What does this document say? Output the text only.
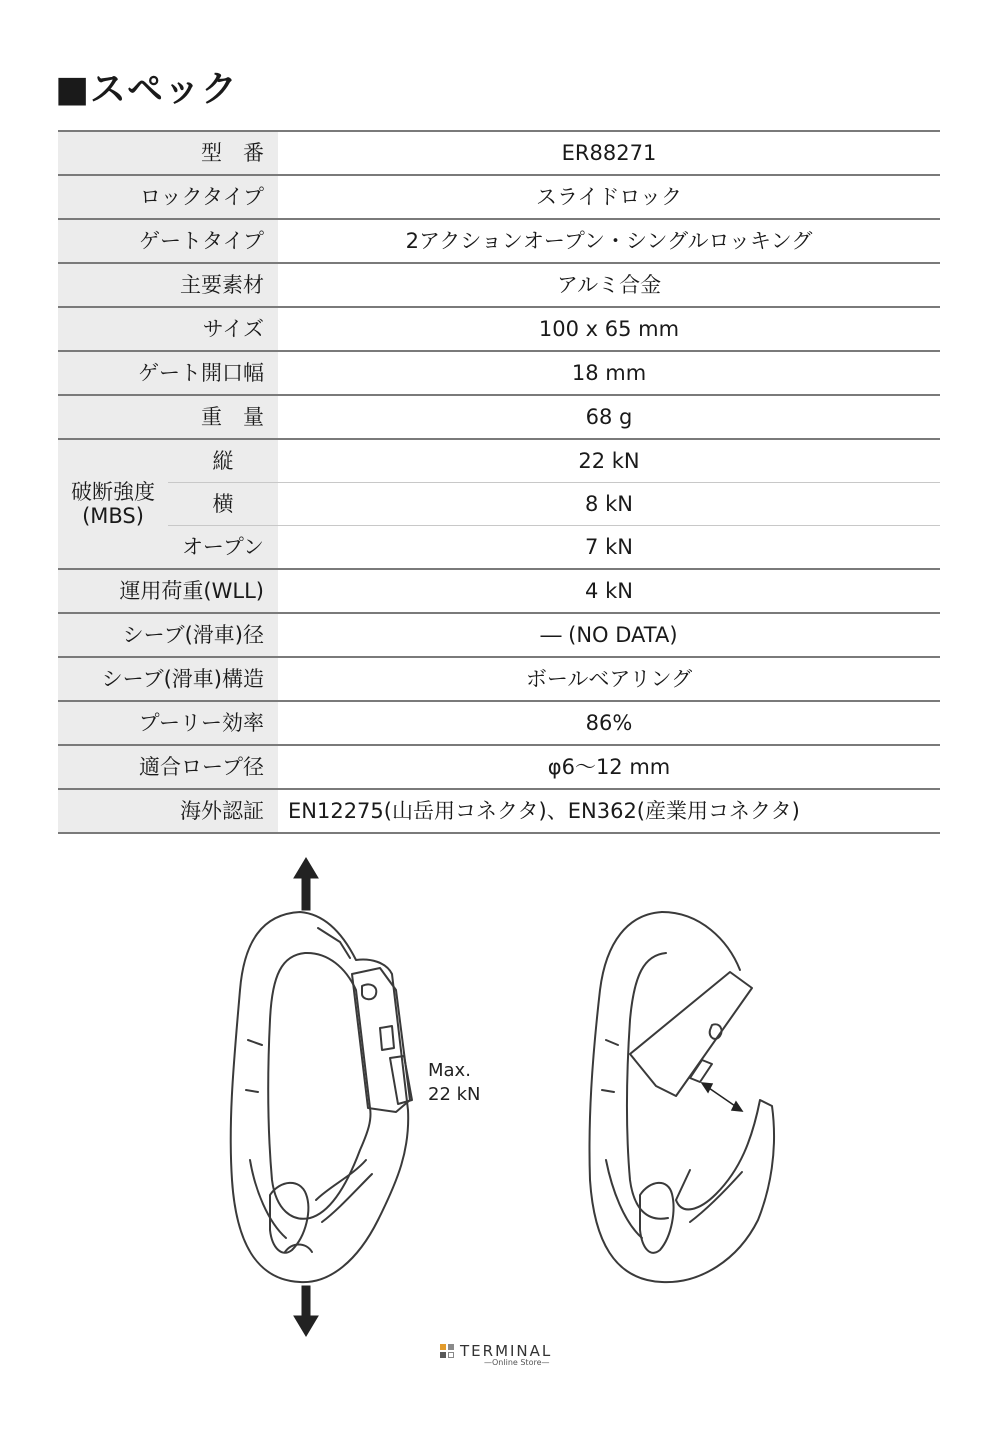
■スペック
型　番		ER88271
ロックタイプ		スライドロック
ゲートタイプ		2アクションオープン・シングルロッキング
主要素材		アルミ合金
サイズ		100 x 65 mm
ゲート開口幅		18 mm
重　量		68 g

破断強度
(MBS)	縦	22 kN
	横	8 kN
	オープン	7 kN
運用荷重(WLL)		4 kN
シーブ(滑車)径		― (NO DATA)
シーブ(滑車)構造		ボールベアリング
プーリー効率		86%
適合ロープ径		φ6～12 mm
海外認証		EN12275(山岳用コネクタ)、EN362(産業用コネクタ)
Max.
22 kN
TERMINAL
—Online Store—
